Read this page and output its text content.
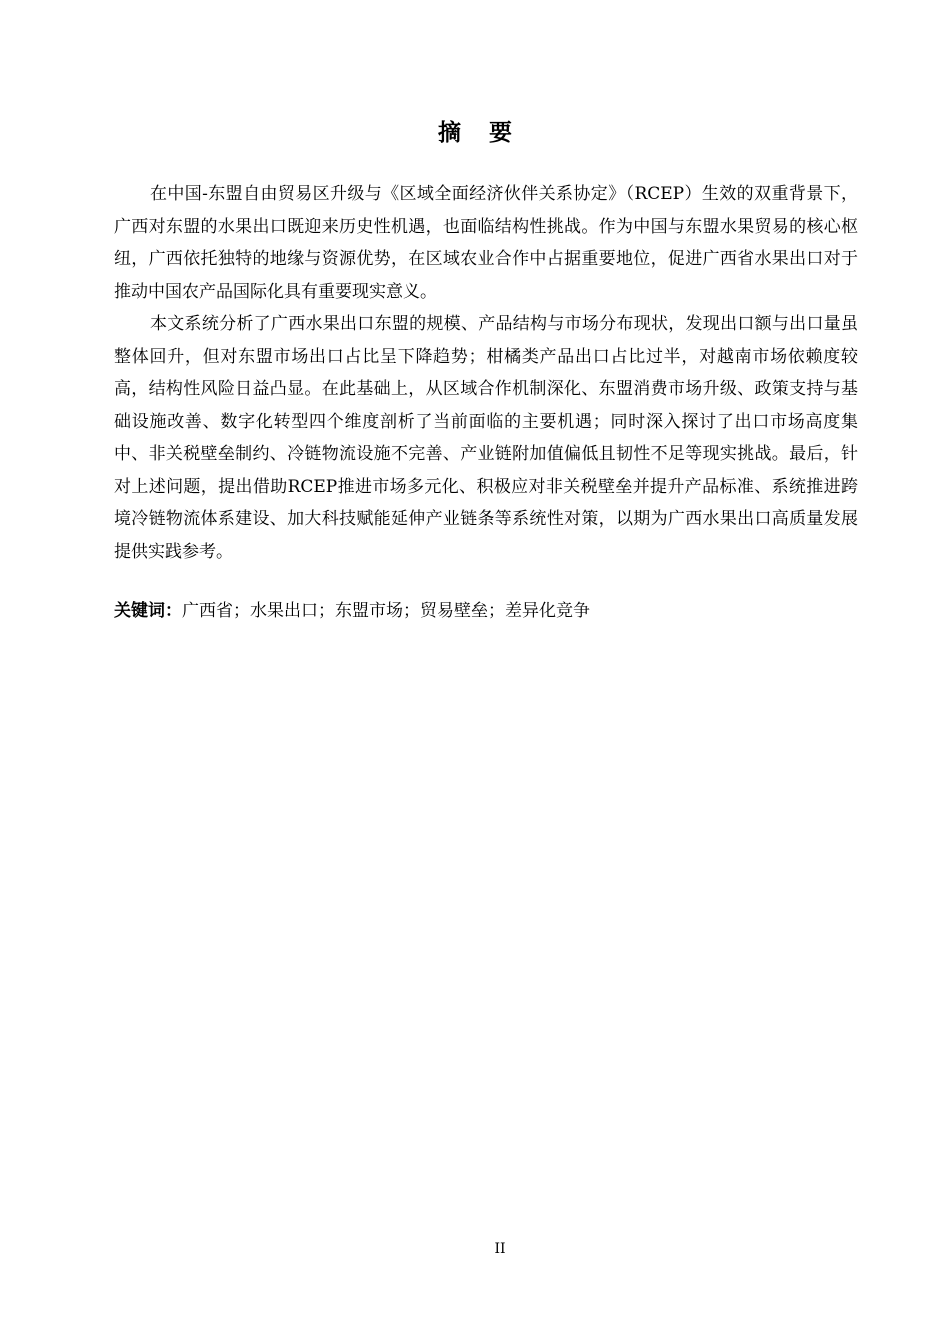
摘要

在中国-东盟自由贸易区升级与《区域全面经济伙伴关系协定》（RCEP）生效的双重背景下，广西对东盟的水果出口既迎来历史性机遇，也面临结构性挑战。作为中国与东盟水果贸易的核心枢纽，广西依托独特的地缘与资源优势，在区域农业合作中占据重要地位，促进广西省水果出口对于推动中国农产品国际化具有重要现实意义。

本文系统分析了广西水果出口东盟的规模、产品结构与市场分布现状，发现出口额与出口量虽整体回升，但对东盟市场出口占比呈下降趋势；柑橘类产品出口占比过半，对越南市场依赖度较高，结构性风险日益凸显。在此基础上，从区域合作机制深化、东盟消费市场升级、政策支持与基础设施改善、数字化转型四个维度剖析了当前面临的主要机遇；同时深入探讨了出口市场高度集中、非关税壁垒制约、冷链物流设施不完善、产业链附加值偏低且韧性不足等现实挑战。最后，针对上述问题，提出借助RCEP推进市场多元化、积极应对非关税壁垒并提升产品标准、系统推进跨境冷链物流体系建设、加大科技赋能延伸产业链条等系统性对策，以期为广西水果出口高质量发展提供实践参考。

关键词：广西省；水果出口；东盟市场；贸易壁垒；差异化竞争
II
